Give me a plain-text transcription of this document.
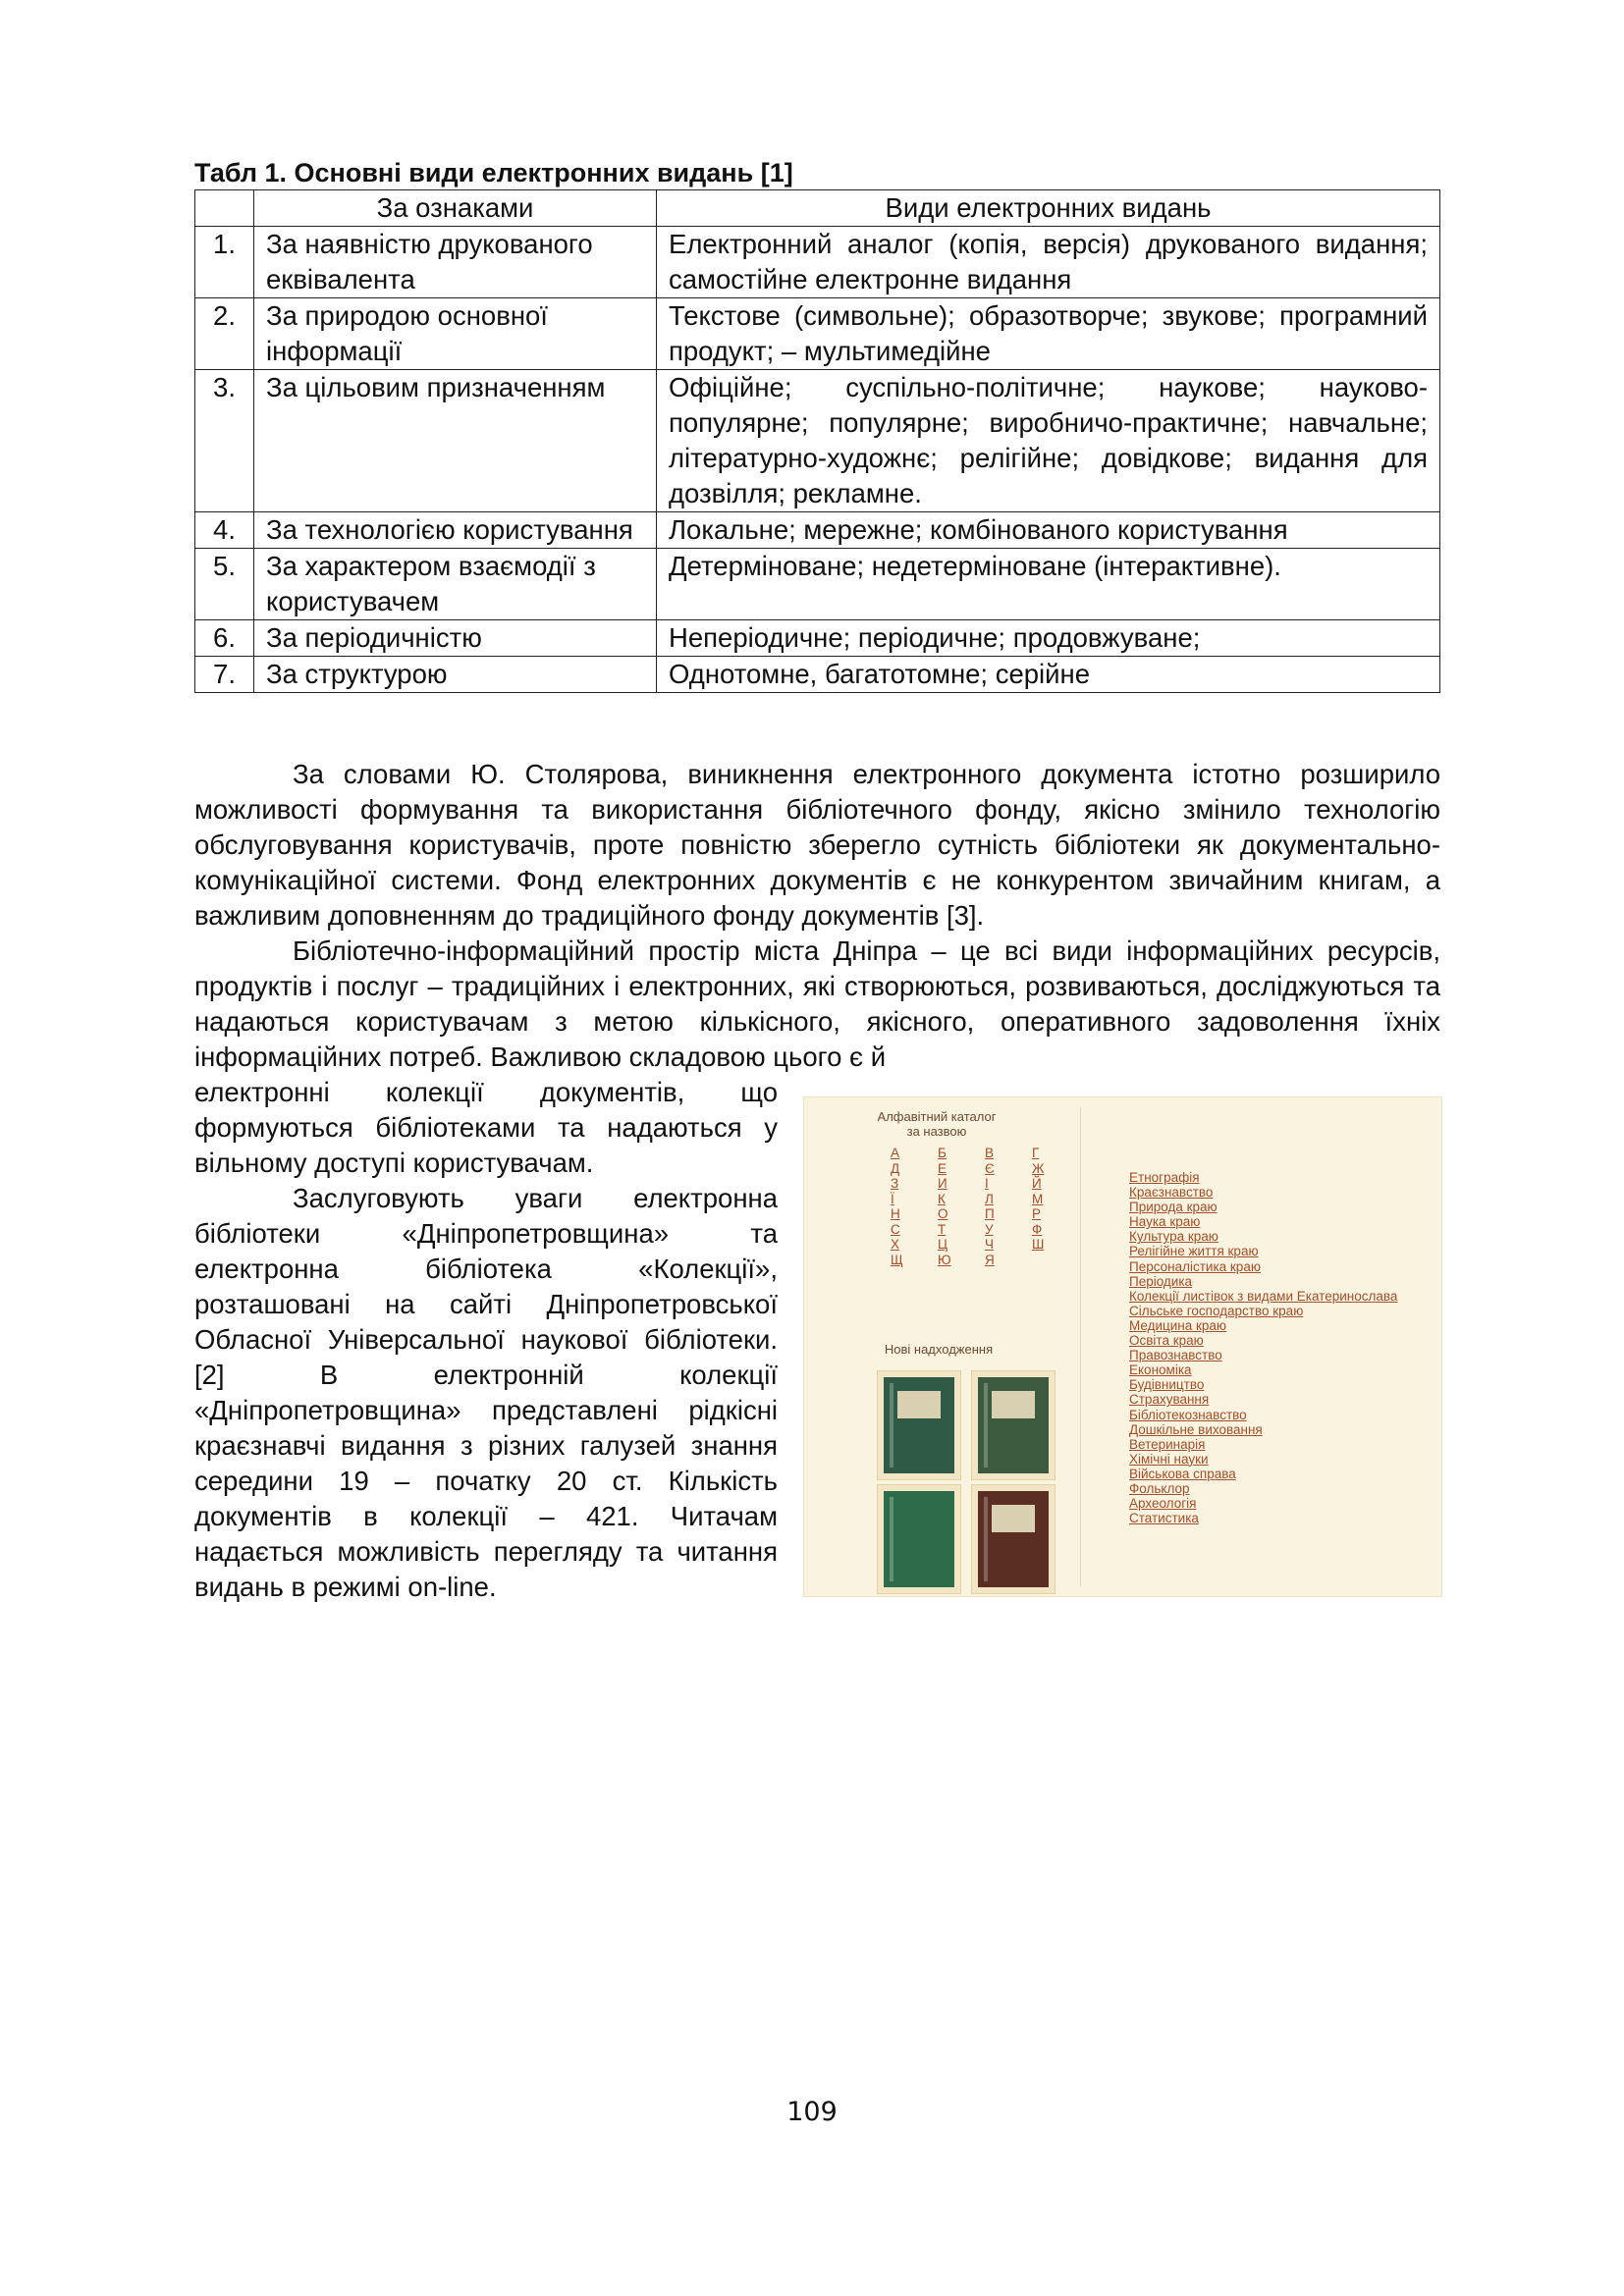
Табл 1. Основні види електронних видань [1]

	За ознаками	Види електронних видань
1.	За наявністю друкованого еквівалента	Електронний аналог (копія, версія) друкованого видання; самостійне електронне видання
2.	За природою основної інформації	Текстове (символьне); образотворче; звукове; програмний продукт; – мультимедійне
3.	За цільовим призначенням	Офіційне; суспільно-політичне; наукове; науково-популярне; популярне; виробничо-практичне; навчальне; літературно-художнє; релігійне; довідкове; видання для дозвілля; рекламне.
4.	За технологією користування	Локальне; мережне; комбінованого користування
5.	За характером взаємодії з користувачем	Детерміноване; недетерміноване (інтерактивне).
6.	За періодичністю	Неперіодичне; періодичне; продовжуване;
7.	За структурою	Однотомне, багатотомне; серійне

За словами Ю. Столярова, виникнення електронного документа істотно розширило можливості формування та використання бібліотечного фонду, якісно змінило технологію обслуговування користувачів, проте повністю зберегло сутність бібліотеки як документально-комунікаційної системи. Фонд електронних документів є не конкурентом звичайним книгам, а важливим доповненням до традиційного фонду документів [3].

Бібліотечно-інформаційний простір міста Дніпра – це всі види інформаційних ресурсів, продуктів і послуг – традиційних і електронних, які створюються, розвиваються, досліджуються та надаються користувачам з метою кількісного, якісного, оперативного задоволення їхніх інформаційних потреб. Важливою складовою цього є й

електронні колекції документів, що формуються бібліотеками та надаються у вільному доступі користувачам.

Заслуговують уваги електронна бібліотеки «Дніпропетровщина» та електронна бібліотека «Колекції», розташовані на сайті Дніпропетровської Обласної Універсальної наукової бібліотеки. [2] В електронній колекції «Дніпропетровщина» представлені рідкісні краєзнавчі видання з різних галузей знання середини 19 – початку 20 ст. Кількість документів в колекції – 421. Читачам надається можливість перегляду та читання видань в режимі on-line.

Алфавітний каталог
за назвою
А	Б	В	Г
Д	Е	Є	Ж
З	И	І	Й
Ї	К	Л	М
Н	О	П	Р
С	Т	У	Ф
Х	Ц	Ч	Ш
Щ	Ю	Я
Нові надходження
Етнографія
Краєзнавство
Природа краю
Наука краю
Культура краю
Релігійне життя краю
Персоналістика краю
Періодика
Колекції листівок з видами Екатеринослава
Сільське господарство краю
Медицина краю
Освіта краю
Правознавство
Економіка
Будівництво
Страхування
Бібліотекознавство
Дошкільне виховання
Ветеринарія
Хімічні науки
Військова справа
Фольклор
Археологія
Статистика
109
